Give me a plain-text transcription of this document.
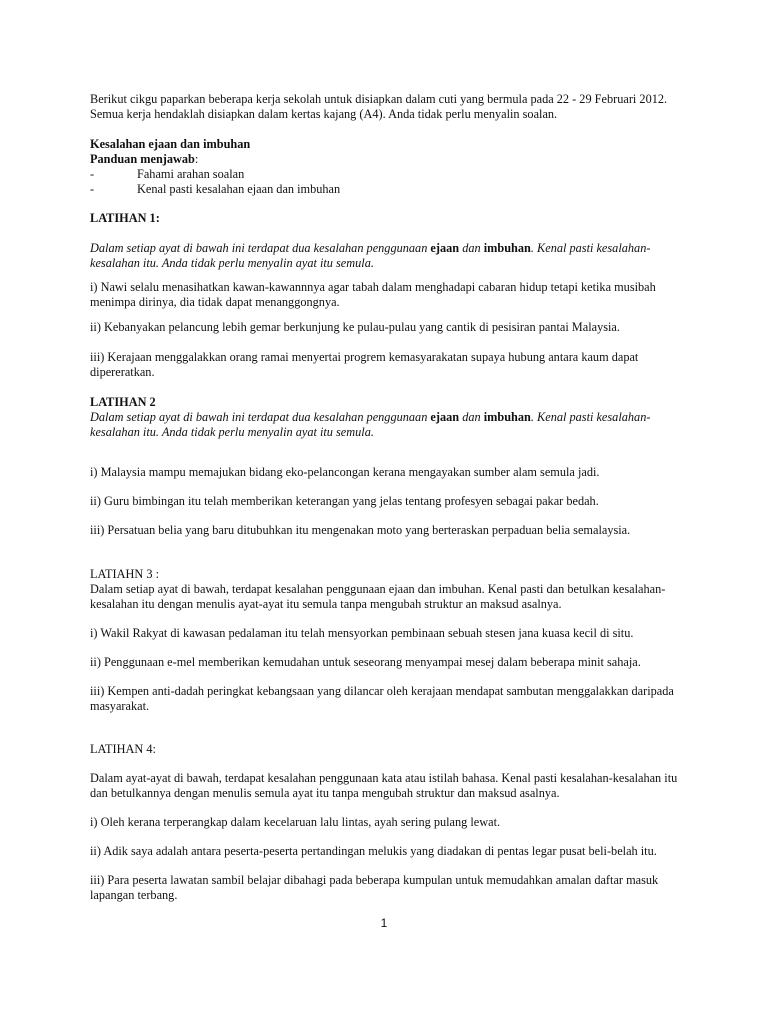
Berikut cikgu paparkan beberapa kerja sekolah untuk disiapkan dalam cuti yang bermula pada 22 - 29 Februari 2012. Semua kerja hendaklah disiapkan dalam kertas kajang (A4). Anda tidak perlu menyalin soalan.

Kesalahan ejaan dan imbuhan

Panduan menjawab:

-	Fahami arahan soalan
-	Kenal pasti kesalahan ejaan dan imbuhan

LATIHAN 1:

Dalam setiap ayat di bawah ini terdapat dua kesalahan penggunaan ejaan dan imbuhan. Kenal pasti kesalahan-kesalahan itu. Anda tidak perlu menyalin ayat itu semula.

i) Nawi selalu menasihatkan kawan-kawannnya agar tabah dalam menghadapi cabaran hidup tetapi ketika musibah menimpa dirinya, dia tidak dapat menanggongnya.

ii) Kebanyakan pelancung lebih gemar berkunjung ke pulau-pulau yang cantik di pesisiran pantai Malaysia.

iii) Kerajaan menggalakkan orang ramai menyertai progrem kemasyarakatan supaya hubung antara kaum dapat dipereratkan.

LATIHAN 2

Dalam setiap ayat di bawah ini terdapat dua kesalahan penggunaan ejaan dan imbuhan. Kenal pasti kesalahan-kesalahan itu. Anda tidak perlu menyalin ayat itu semula.

i) Malaysia mampu memajukan bidang eko-pelancongan kerana mengayakan sumber alam semula jadi.

ii) Guru bimbingan itu telah memberikan keterangan yang jelas tentang profesyen sebagai pakar bedah.

iii) Persatuan belia yang baru ditubuhkan itu mengenakan moto yang berteraskan perpaduan belia semalaysia.

LATIAHN 3 :

Dalam setiap ayat di bawah, terdapat kesalahan penggunaan ejaan dan imbuhan. Kenal pasti dan betulkan kesalahan-kesalahan itu dengan menulis ayat-ayat itu semula tanpa mengubah struktur an maksud asalnya.

i) Wakil Rakyat di kawasan pedalaman itu telah mensyorkan pembinaan sebuah stesen jana kuasa kecil di situ.

ii) Penggunaan e-mel memberikan kemudahan untuk seseorang menyampai mesej dalam beberapa minit sahaja.

iii) Kempen anti-dadah peringkat kebangsaan yang dilancar oleh kerajaan mendapat sambutan menggalakkan daripada masyarakat.

LATIHAN 4:

Dalam ayat-ayat di bawah, terdapat kesalahan penggunaan kata atau istilah bahasa. Kenal pasti kesalahan-kesalahan itu dan betulkannya dengan menulis semula ayat itu tanpa mengubah struktur dan maksud asalnya.

i) Oleh kerana terperangkap dalam kecelaruan lalu lintas, ayah sering pulang lewat.

ii) Adik saya adalah antara peserta-peserta pertandingan melukis yang diadakan di pentas legar pusat beli-belah itu.

iii) Para peserta lawatan sambil belajar dibahagi pada beberapa kumpulan untuk memudahkan amalan daftar masuk lapangan terbang.

1
